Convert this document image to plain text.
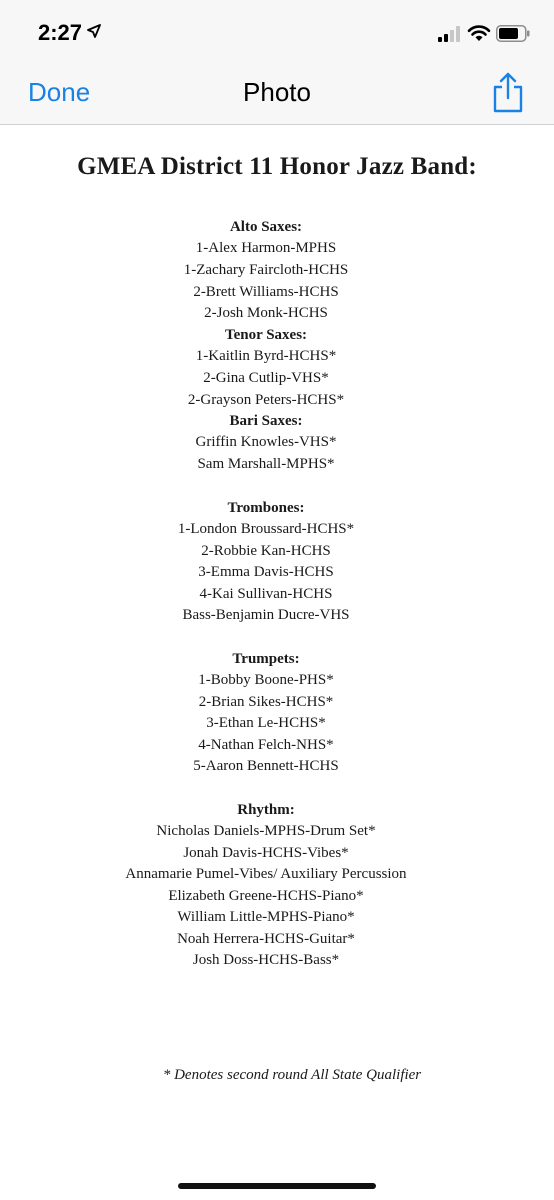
2:27
Done	Photo
GMEA District 11 Honor Jazz Band:
Alto Saxes:
1-Alex Harmon-MPHS
1-Zachary Faircloth-HCHS
2-Brett Williams-HCHS
2-Josh Monk-HCHS
Tenor Saxes:
1-Kaitlin Byrd-HCHS*
2-Gina Cutlip-VHS*
2-Grayson Peters-HCHS*
Bari Saxes:
Griffin Knowles-VHS*
Sam Marshall-MPHS*
Trombones:
1-London Broussard-HCHS*
2-Robbie Kan-HCHS
3-Emma Davis-HCHS
4-Kai Sullivan-HCHS
Bass-Benjamin Ducre-VHS
Trumpets:
1-Bobby Boone-PHS*
2-Brian Sikes-HCHS*
3-Ethan Le-HCHS*
4-Nathan Felch-NHS*
5-Aaron Bennett-HCHS
Rhythm:
Nicholas Daniels-MPHS-Drum Set*
Jonah Davis-HCHS-Vibes*
Annamarie Pumel-Vibes/ Auxiliary Percussion
Elizabeth Greene-HCHS-Piano*
William Little-MPHS-Piano*
Noah Herrera-HCHS-Guitar*
Josh Doss-HCHS-Bass*
* Denotes second round All State Qualifier
